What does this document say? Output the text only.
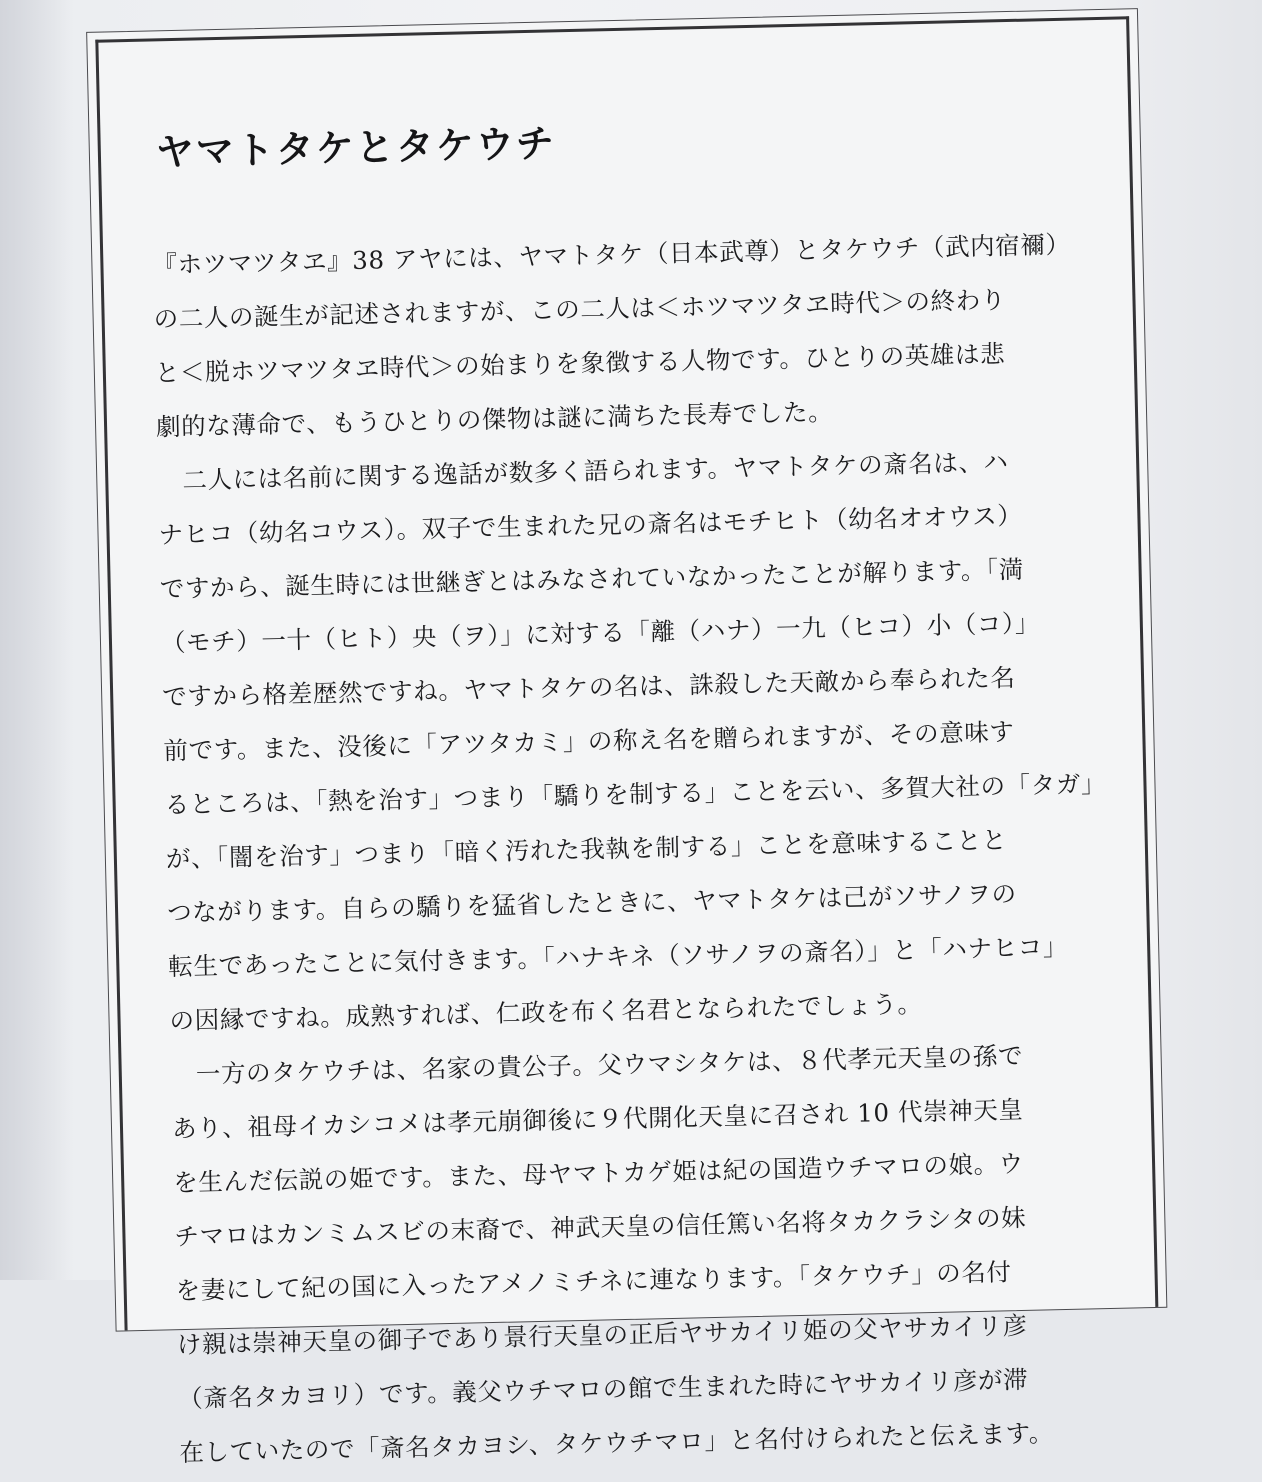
ヤマトタケとタケウチ
『ホツマツタヱ』38 アヤには、ヤマトタケ（日本武尊）とタケウチ（武内宿禰）
の二人の誕生が記述されますが、この二人は＜ホツマツタヱ時代＞の終わり
と＜脱ホツマツタヱ時代＞の始まりを象徴する人物です。ひとりの英雄は悲
劇的な薄命で、もうひとりの傑物は謎に満ちた長寿でした。
　二人には名前に関する逸話が数多く語られます。ヤマトタケの斎名は、ハ
ナヒコ（幼名コウス）。双子で生まれた兄の斎名はモチヒト（幼名オオウス）
ですから、誕生時には世継ぎとはみなされていなかったことが解ります。「満
（モチ）一十（ヒト）央（ヲ）」に対する「離（ハナ）一九（ヒコ）小（コ）」
ですから格差歴然ですね。ヤマトタケの名は、誅殺した天敵から奉られた名
前です。また、没後に「アツタカミ」の称え名を贈られますが、その意味す
るところは、「熱を治す」つまり「驕りを制する」ことを云い、多賀大社の「タガ」
が、「闇を治す」つまり「暗く汚れた我執を制する」ことを意味することと
つながります。自らの驕りを猛省したときに、ヤマトタケは己がソサノヲの
転生であったことに気付きます。「ハナキネ（ソサノヲの斎名）」と「ハナヒコ」
の因縁ですね。成熟すれば、仁政を布く名君となられたでしょう。
　一方のタケウチは、名家の貴公子。父ウマシタケは、８代孝元天皇の孫で
あり、祖母イカシコメは孝元崩御後に９代開化天皇に召され 10 代崇神天皇
を生んだ伝説の姫です。また、母ヤマトカゲ姫は紀の国造ウチマロの娘。ウ
チマロはカンミムスビの末裔で、神武天皇の信任篤い名将タカクラシタの妹
を妻にして紀の国に入ったアメノミチネに連なります。「タケウチ」の名付
け親は崇神天皇の御子であり景行天皇の正后ヤサカイリ姫の父ヤサカイリ彦
（斎名タカヨリ）です。義父ウチマロの館で生まれた時にヤサカイリ彦が滞
在していたので「斎名タカヨシ、タケウチマロ」と名付けられたと伝えます。
